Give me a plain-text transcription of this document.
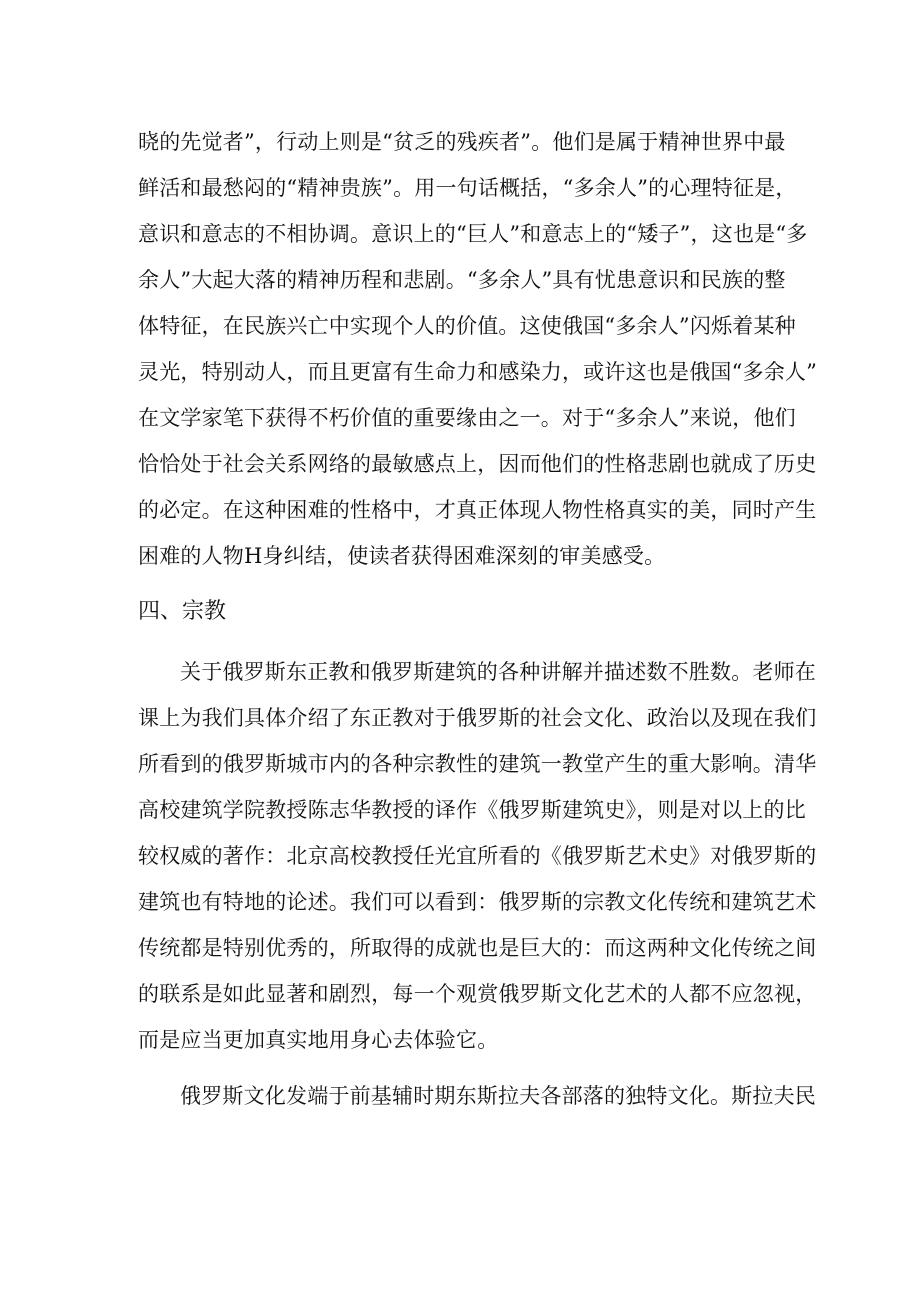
晓的先觉者”，行动上则是“贫乏的残疾者”。他们是属于精神世界中最
鲜活和最愁闷的“精神贵族”。用一句话概括，“多余人”的心理特征是，
意识和意志的不相协调。意识上的“巨人”和意志上的“矮子”，这也是“多
余人”大起大落的精神历程和悲剧。“多余人”具有忧患意识和民族的整
体特征，在民族兴亡中实现个人的价值。这使俄国“多余人”闪烁着某种
灵光，特别动人，而且更富有生命力和感染力，或许这也是俄国“多余人”
在文学家笔下获得不朽价值的重要缘由之一。对于“多余人”来说，他们
恰恰处于社会关系网络的最敏感点上，因而他们的性格悲剧也就成了历史
的必定。在这种困难的性格中，才真正体现人物性格真实的美，同时产生
困难的人物H身纠结，使读者获得困难深刻的审美感受。
四、宗教
关于俄罗斯东正教和俄罗斯建筑的各种讲解并描述数不胜数。老师在
课上为我们具体介绍了东正教对于俄罗斯的社会文化、政治以及现在我们
所看到的俄罗斯城市内的各种宗教性的建筑一教堂产生的重大影响。清华
高校建筑学院教授陈志华教授的译作《俄罗斯建筑史》，则是对以上的比
较权威的著作：北京高校教授任光宜所看的《俄罗斯艺术史》对俄罗斯的
建筑也有特地的论述。我们可以看到：俄罗斯的宗教文化传统和建筑艺术
传统都是特别优秀的，所取得的成就也是巨大的：而这两种文化传统之间
的联系是如此显著和剧烈，每一个观赏俄罗斯文化艺术的人都不应忽视，
而是应当更加真实地用身心去体验它。
俄罗斯文化发端于前基辅时期东斯拉夫各部落的独特文化。斯拉夫民
